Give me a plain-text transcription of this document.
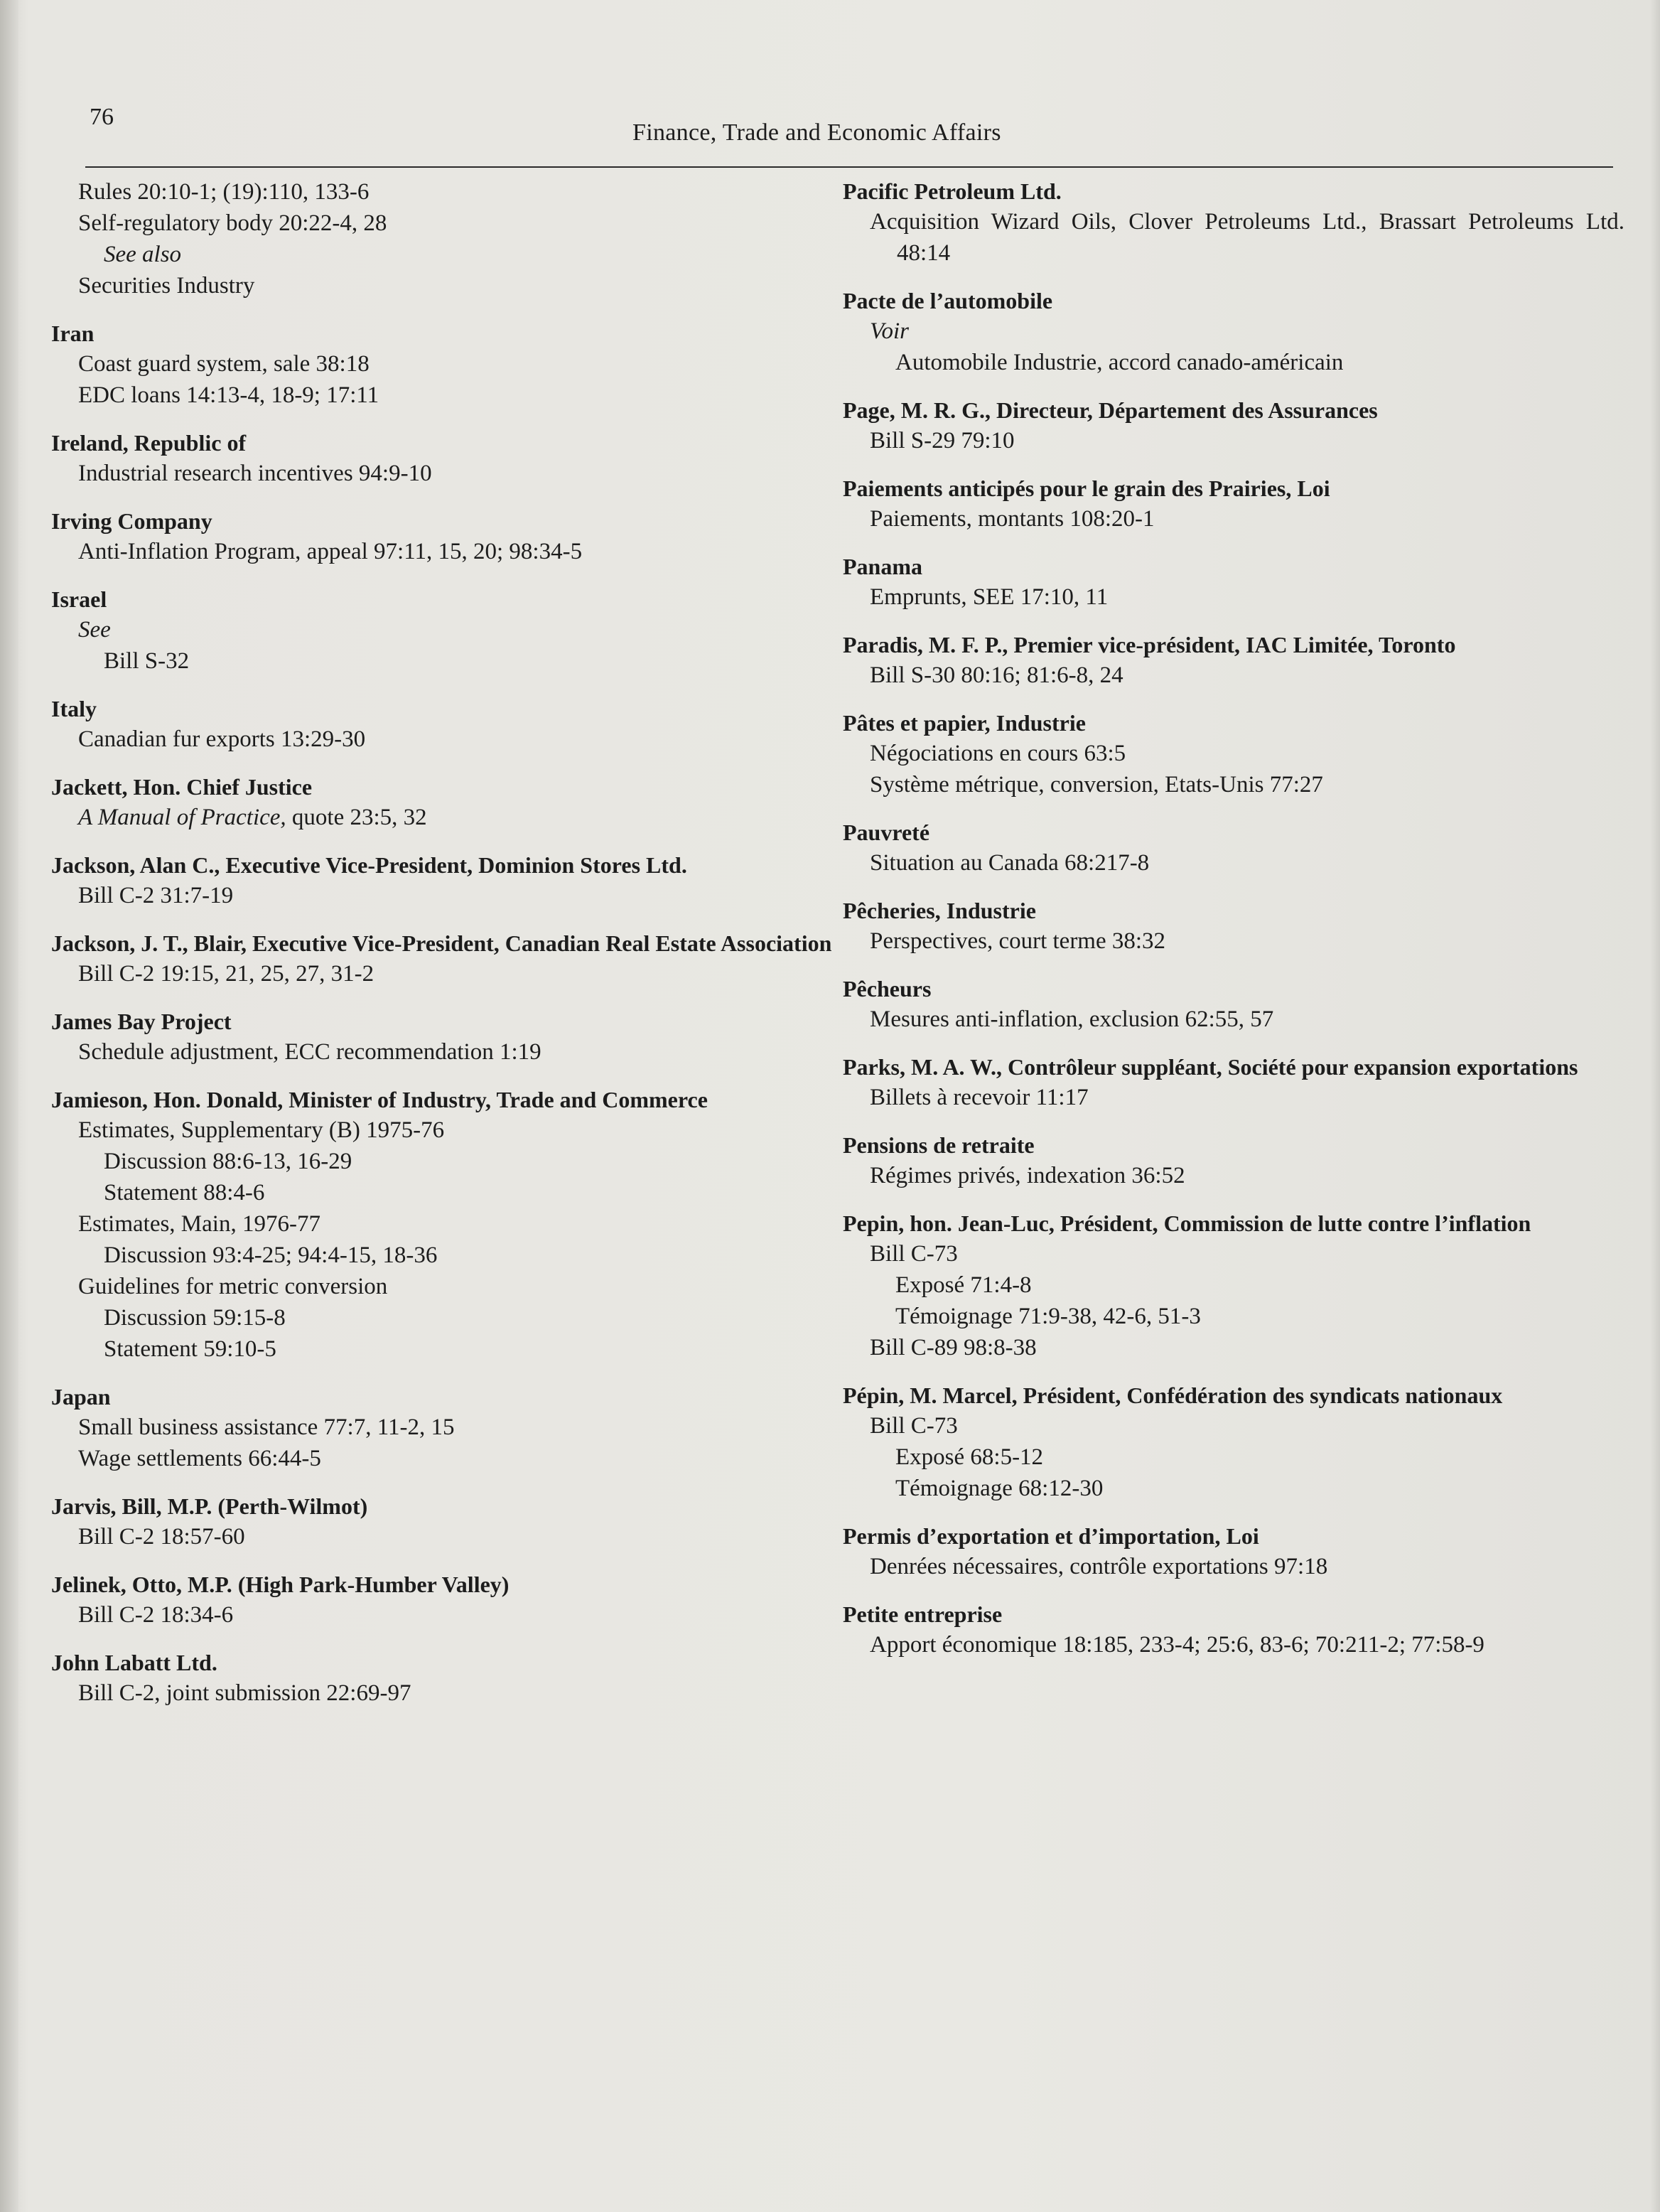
76
Finance, Trade and Economic Affairs
Rules 20:10-1; (19):110, 133-6
Self-regulatory body 20:22-4, 28
See also
Securities Industry
Iran
Coast guard system, sale 38:18
EDC loans 14:13-4, 18-9; 17:11
Ireland, Republic of
Industrial research incentives 94:9-10
Irving Company
Anti-Inflation Program, appeal 97:11, 15, 20; 98:34-5
Israel
See
Bill S-32
Italy
Canadian fur exports 13:29-30
Jackett, Hon. Chief Justice
A Manual of Practice, quote 23:5, 32
Jackson, Alan C., Executive Vice-President, Dominion Stores Ltd.
Bill C-2 31:7-19
Jackson, J. T., Blair, Executive Vice-President, Canadian Real Estate Association
Bill C-2 19:15, 21, 25, 27, 31-2
James Bay Project
Schedule adjustment, ECC recommendation 1:19
Jamieson, Hon. Donald, Minister of Industry, Trade and Commerce
Estimates, Supplementary (B) 1975-76
Discussion 88:6-13, 16-29
Statement 88:4-6
Estimates, Main, 1976-77
Discussion 93:4-25; 94:4-15, 18-36
Guidelines for metric conversion
Discussion 59:15-8
Statement 59:10-5
Japan
Small business assistance 77:7, 11-2, 15
Wage settlements 66:44-5
Jarvis, Bill, M.P. (Perth-Wilmot)
Bill C-2 18:57-60
Jelinek, Otto, M.P. (High Park-Humber Valley)
Bill C-2 18:34-6
John Labatt Ltd.
Bill C-2, joint submission 22:69-97
Pacific Petroleum Ltd.
Acquisition Wizard Oils, Clover Petroleums Ltd., Brassart Petroleums Ltd. 48:14
Pacte de l’automobile
Voir
Automobile Industrie, accord canado-américain
Page, M. R. G., Directeur, Département des Assurances
Bill S-29 79:10
Paiements anticipés pour le grain des Prairies, Loi
Paiements, montants 108:20-1
Panama
Emprunts, SEE 17:10, 11
Paradis, M. F. P., Premier vice-président, IAC Limitée, Toronto
Bill S-30 80:16; 81:6-8, 24
Pâtes et papier, Industrie
Négociations en cours 63:5
Système métrique, conversion, Etats-Unis 77:27
Pauvreté
Situation au Canada 68:217-8
Pêcheries, Industrie
Perspectives, court terme 38:32
Pêcheurs
Mesures anti-inflation, exclusion 62:55, 57
Parks, M. A. W., Contrôleur suppléant, Société pour expansion exportations
Billets à recevoir 11:17
Pensions de retraite
Régimes privés, indexation 36:52
Pepin, hon. Jean-Luc, Président, Commission de lutte contre l’inflation
Bill C-73
Exposé 71:4-8
Témoignage 71:9-38, 42-6, 51-3
Bill C-89 98:8-38
Pépin, M. Marcel, Président, Confédération des syndicats nationaux
Bill C-73
Exposé 68:5-12
Témoignage 68:12-30
Permis d’exportation et d’importation, Loi
Denrées nécessaires, contrôle exportations 97:18
Petite entreprise
Apport économique 18:185, 233-4; 25:6, 83-6; 70:211-2; 77:58-9
